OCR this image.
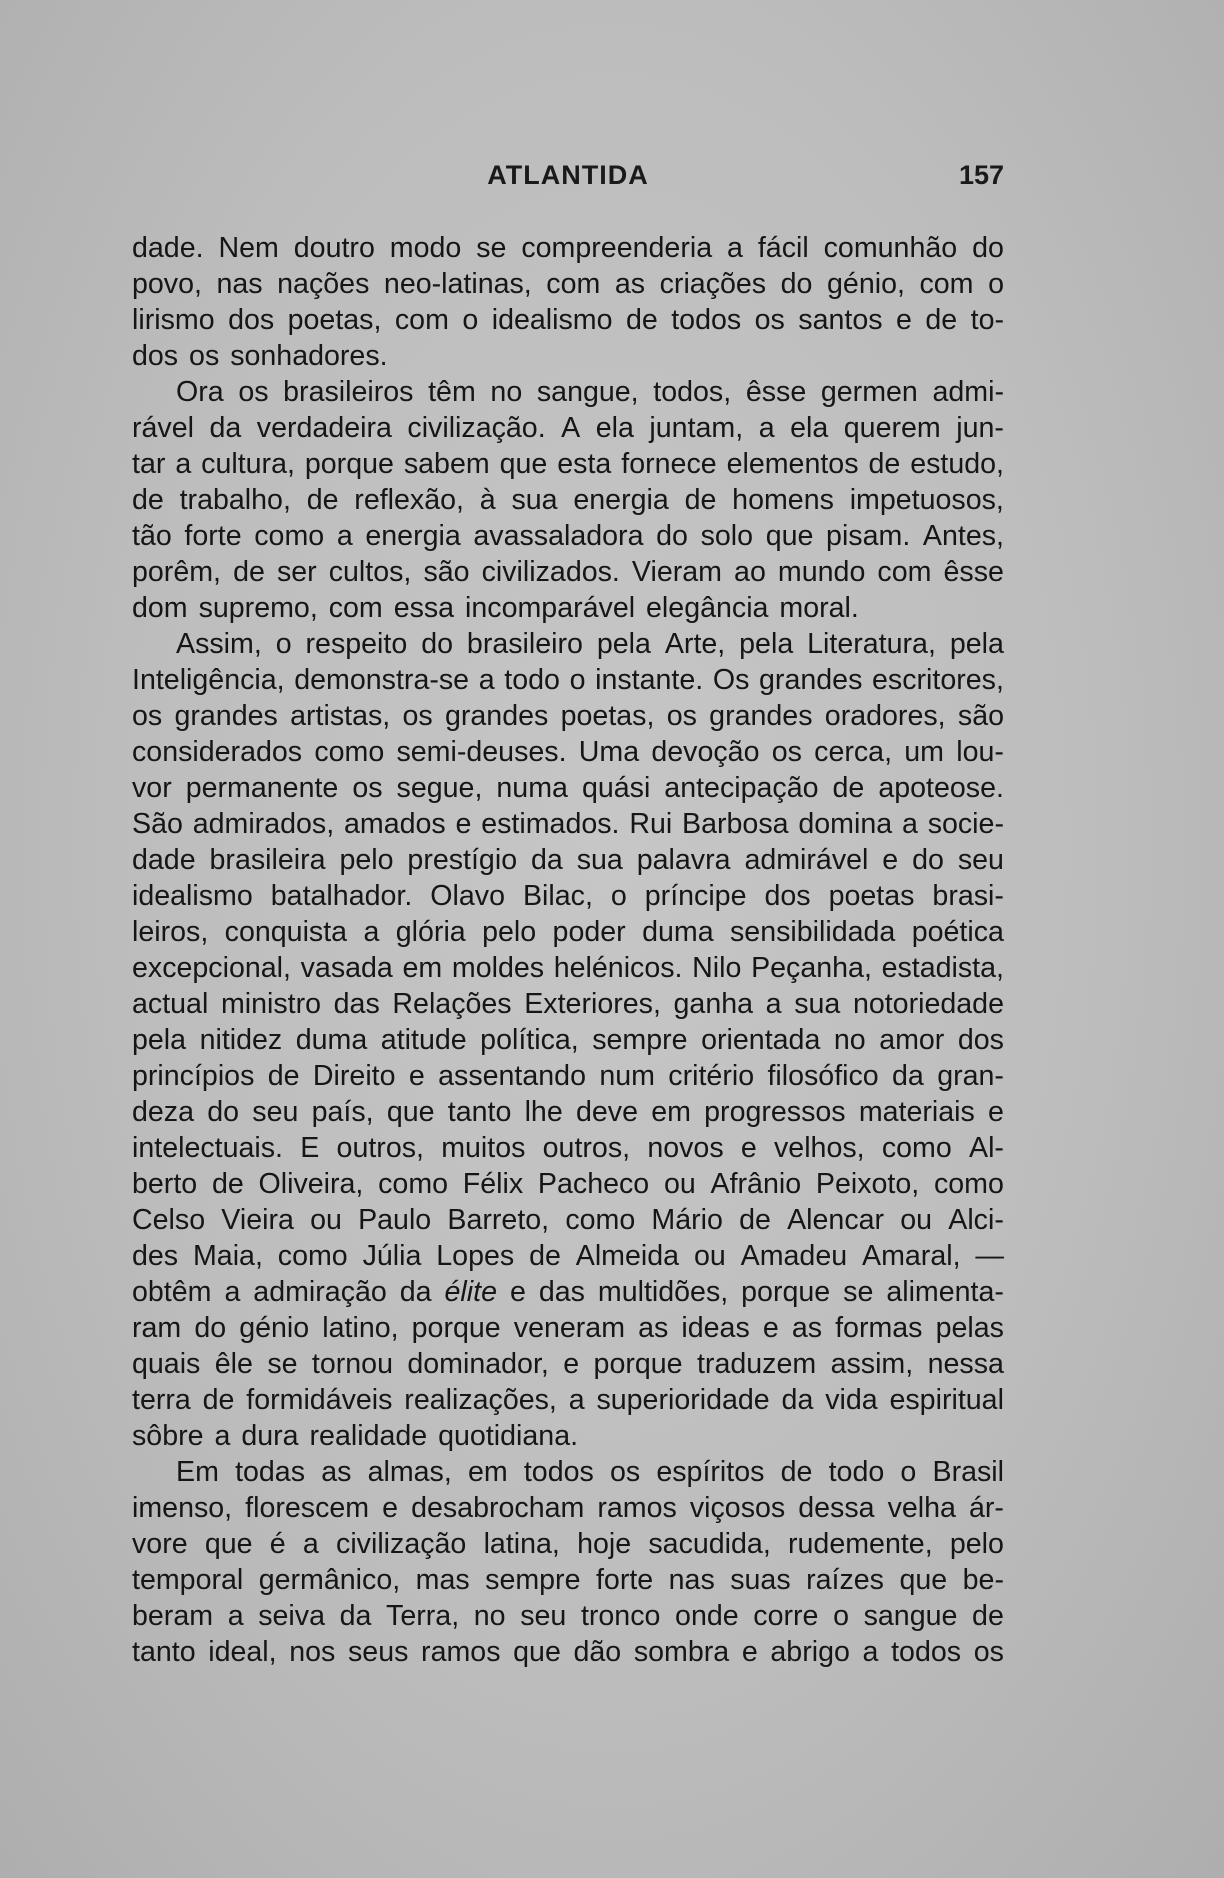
ATLANTIDA	157
dade. Nem doutro modo se compreenderia a fácil comunhão do
povo, nas nações neo-latinas, com as criações do génio, com o
lirismo dos poetas, com o idealismo de todos os santos e de to-
dos os sonhadores.
Ora os brasileiros têm no sangue, todos, êsse germen admi-
rável da verdadeira civilização. A ela juntam, a ela querem jun-
tar a cultura, porque sabem que esta fornece elementos de estudo,
de trabalho, de reflexão, à sua energia de homens impetuosos,
tão forte como a energia avassaladora do solo que pisam. Antes,
porêm, de ser cultos, são civilizados. Vieram ao mundo com êsse
dom supremo, com essa incomparável elegância moral.
Assim, o respeito do brasileiro pela Arte, pela Literatura, pela
Inteligência, demonstra-se a todo o instante. Os grandes escritores,
os grandes artistas, os grandes poetas, os grandes oradores, são
considerados como semi-deuses. Uma devoção os cerca, um lou-
vor permanente os segue, numa quási antecipação de apoteose.
São admirados, amados e estimados. Rui Barbosa domina a socie-
dade brasileira pelo prestígio da sua palavra admirável e do seu
idealismo batalhador. Olavo Bilac, o príncipe dos poetas brasi-
leiros, conquista a glória pelo poder duma sensibilidada poética
excepcional, vasada em moldes helénicos. Nilo Peçanha, estadista,
actual ministro das Relações Exteriores, ganha a sua notoriedade
pela nitidez duma atitude política, sempre orientada no amor dos
princípios de Direito e assentando num critério filosófico da gran-
deza do seu país, que tanto lhe deve em progressos materiais e
intelectuais. E outros, muitos outros, novos e velhos, como Al-
berto de Oliveira, como Félix Pacheco ou Afrânio Peixoto, como
Celso Vieira ou Paulo Barreto, como Mário de Alencar ou Alci-
des Maia, como Júlia Lopes de Almeida ou Amadeu Amaral, —
obtêm a admiração da élite e das multidões, porque se alimenta-
ram do génio latino, porque veneram as ideas e as formas pelas
quais êle se tornou dominador, e porque traduzem assim, nessa
terra de formidáveis realizações, a superioridade da vida espiritual
sôbre a dura realidade quotidiana.
Em todas as almas, em todos os espíritos de todo o Brasil
imenso, florescem e desabrocham ramos viçosos dessa velha ár-
vore que é a civilização latina, hoje sacudida, rudemente, pelo
temporal germânico, mas sempre forte nas suas raízes que be-
beram a seiva da Terra, no seu tronco onde corre o sangue de
tanto ideal, nos seus ramos que dão sombra e abrigo a todos os
